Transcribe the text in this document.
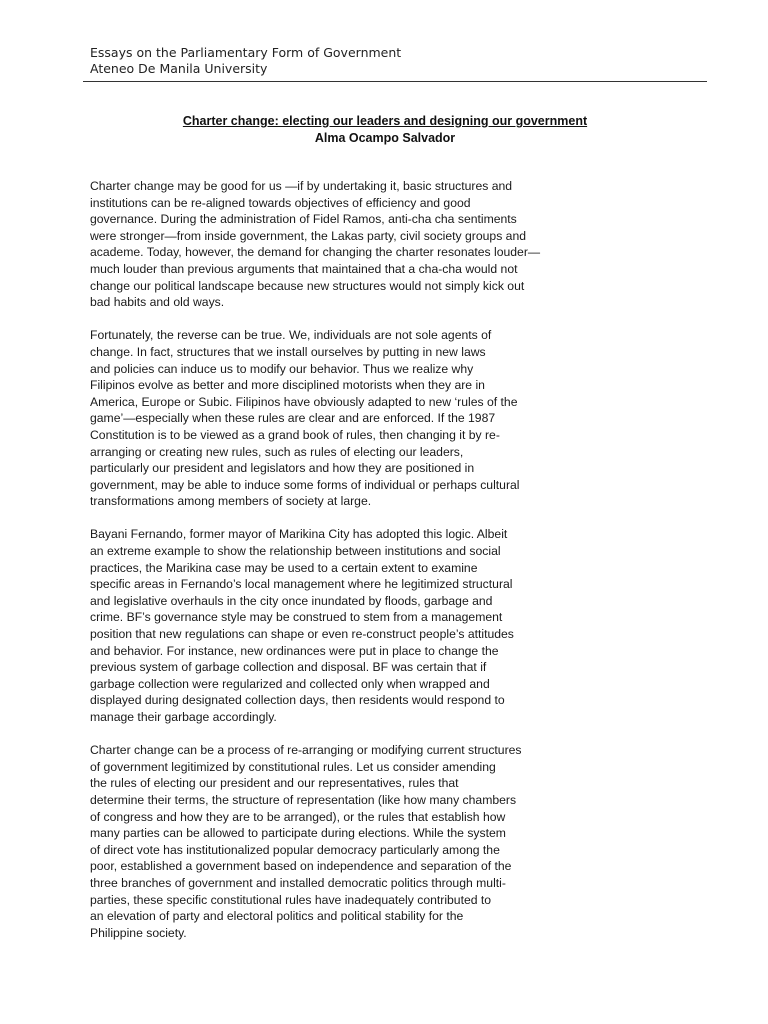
Essays on the Parliamentary Form of Government
Ateneo De Manila University
Charter change: electing our leaders and designing our government
Alma Ocampo Salvador

Charter change may be good for us —if by undertaking it, basic structures and
institutions can be re-aligned towards objectives of efficiency and good
governance. During the administration of Fidel Ramos, anti-cha cha sentiments
were stronger—from inside government, the Lakas party, civil society groups and
academe. Today, however, the demand for changing the charter resonates louder—
much louder than previous arguments that maintained that a cha-cha would not
change our political landscape because new structures would not simply kick out
bad habits and old ways.

Fortunately, the reverse can be true. We, individuals are not sole agents of
change. In fact, structures that we install ourselves by putting in new laws
and policies can induce us to modify our behavior. Thus we realize why
Filipinos evolve as better and more disciplined motorists when they are in
America, Europe or Subic. Filipinos have obviously adapted to new ‘rules of the
game’—especially when these rules are clear and are enforced. If the 1987
Constitution is to be viewed as a grand book of rules, then changing it by re-
arranging or creating new rules, such as rules of electing our leaders,
particularly our president and legislators and how they are positioned in
government, may be able to induce some forms of individual or perhaps cultural
transformations among members of society at large.

Bayani Fernando, former mayor of Marikina City has adopted this logic. Albeit
an extreme example to show the relationship between institutions and social
practices, the Marikina case may be used to a certain extent to examine
specific areas in Fernando’s local management where he legitimized structural
and legislative overhauls in the city once inundated by floods, garbage and
crime. BF’s governance style may be construed to stem from a management
position that new regulations can shape or even re-construct people’s attitudes
and behavior. For instance, new ordinances were put in place to change the
previous system of garbage collection and disposal. BF was certain that if
garbage collection were regularized and collected only when wrapped and
displayed during designated collection days, then residents would respond to
manage their garbage accordingly.

Charter change can be a process of re-arranging or modifying current structures
of government legitimized by constitutional rules. Let us consider amending
the rules of electing our president and our representatives, rules that
determine their terms, the structure of representation (like how many chambers
of congress and how they are to be arranged), or the rules that establish how
many parties can be allowed to participate during elections. While the system
of direct vote has institutionalized popular democracy particularly among the
poor, established a government based on independence and separation of the
three branches of government and installed democratic politics through multi-
parties, these specific constitutional rules have inadequately contributed to
an elevation of party and electoral politics and political stability for the
Philippine society.
